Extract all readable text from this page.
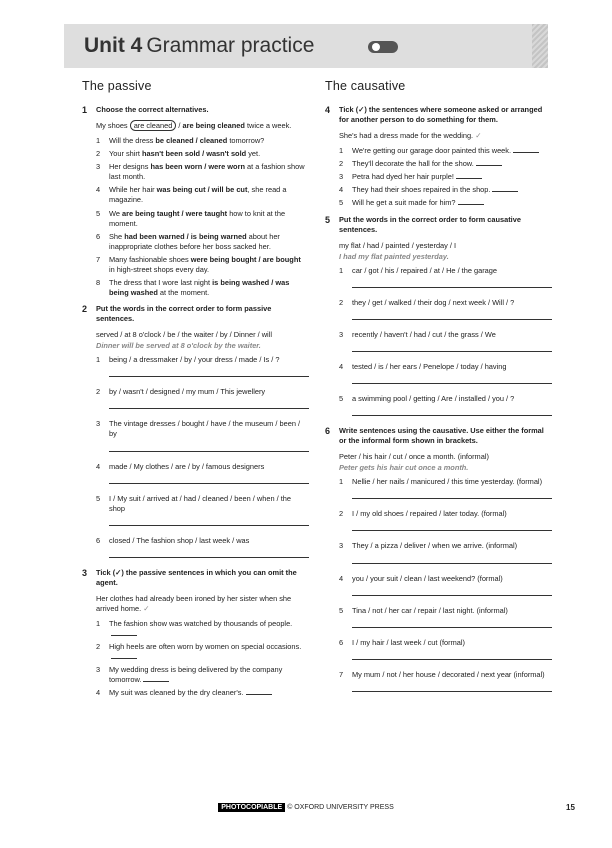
Unit 4 Grammar practice
The passive
1 Choose the correct alternatives.
My shoes are cleaned / are being cleaned twice a week.
1 Will the dress be cleaned / cleaned tomorrow?
2 Your shirt hasn't been sold / wasn't sold yet.
3 Her designs has been worn / were worn at a fashion show last month.
4 While her hair was being cut / will be cut, she read a magazine.
5 We are being taught / were taught how to knit at the moment.
6 She had been warned / is being warned about her inappropriate clothes before her boss sacked her.
7 Many fashionable shoes were being bought / are bought in high-street shops every day.
8 The dress that I wore last night is being washed / was being washed at the moment.
2 Put the words in the correct order to form passive sentences.
served / at 8 o'clock / be / the waiter / by / Dinner / will
Dinner will be served at 8 o'clock by the waiter.
1 being / a dressmaker / by / your dress / made / Is / ?
2 by / wasn't / designed / my mum / This jewellery
3 The vintage dresses / bought / have / the museum / been / by
4 made / My clothes / are / by / famous designers
5 I / My suit / arrived at / had / cleaned / been / when / the shop
6 closed / The fashion shop / last week / was
3 Tick (✓) the passive sentences in which you can omit the agent.
Her clothes had already been ironed by her sister when she arrived home. ✓
1 The fashion show was watched by thousands of people.
2 High heels are often worn by women on special occasions.
3 My wedding dress is being delivered by the company tomorrow.
4 My suit was cleaned by the dry cleaner's.
The causative
4 Tick (✓) the sentences where someone asked or arranged for another person to do something for them.
She's had a dress made for the wedding. ✓
1 We're getting our garage door painted this week.
2 They'll decorate the hall for the show.
3 Petra had dyed her hair purple!
4 They had their shoes repaired in the shop.
5 Will he get a suit made for him?
5 Put the words in the correct order to form causative sentences.
my flat / had / painted / yesterday / I
I had my flat painted yesterday.
1 car / got / his / repaired / at / He / the garage
2 they / get / walked / their dog / next week / Will / ?
3 recently / haven't / had / cut / the grass / We
4 tested / is / her ears / Penelope / today / having
5 a swimming pool / getting / Are / installed / you / ?
6 Write sentences using the causative. Use either the formal or the informal form shown in brackets.
Peter / his hair / cut / once a month. (informal)
Peter gets his hair cut once a month.
1 Nellie / her nails / manicured / this time yesterday. (formal)
2 I / my old shoes / repaired / later today. (formal)
3 They / a pizza / deliver / when we arrive. (informal)
4 you / your suit / clean / last weekend? (formal)
5 Tina / not / her car / repair / last night. (informal)
6 I / my hair / last week / cut (formal)
7 My mum / not / her house / decorated / next year (informal)
PHOTOCOPIABLE © OXFORD UNIVERSITY PRESS	15
